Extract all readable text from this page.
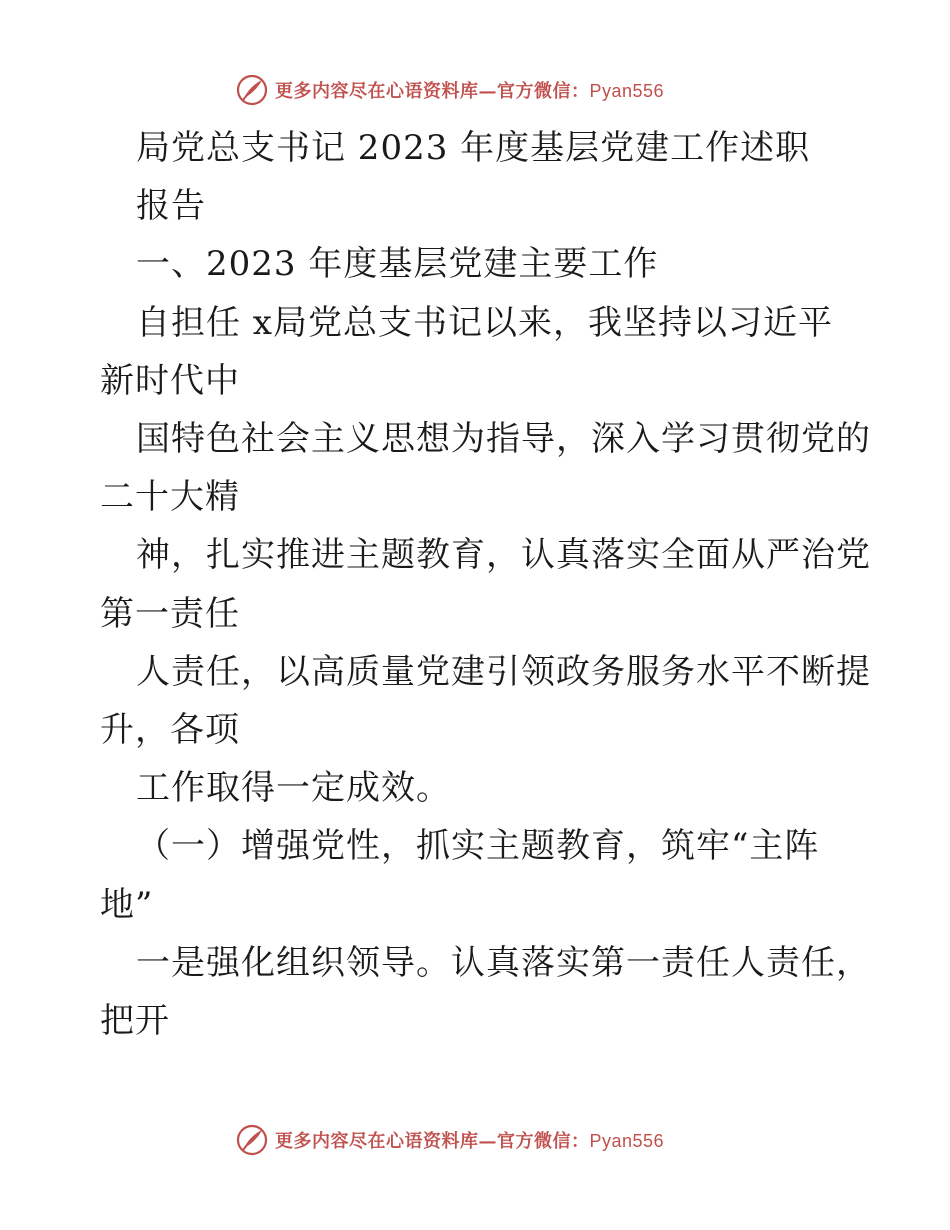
更多内容尽在心语资料库—官方微信：Pyan556
局党总支书记 2023 年度基层党建工作述职
报告
一、2023 年度基层党建主要工作
自担任 x局党总支书记以来，我坚持以习近平
新时代中
国特色社会主义思想为指导，深入学习贯彻党的
二十大精
神，扎实推进主题教育，认真落实全面从严治党
第一责任
人责任，以高质量党建引领政务服务水平不断提
升，各项
工作取得一定成效。
（一）增强党性，抓实主题教育，筑牢“主阵
地”
一是强化组织领导。认真落实第一责任人责任，
把开
更多内容尽在心语资料库—官方微信：Pyan556
